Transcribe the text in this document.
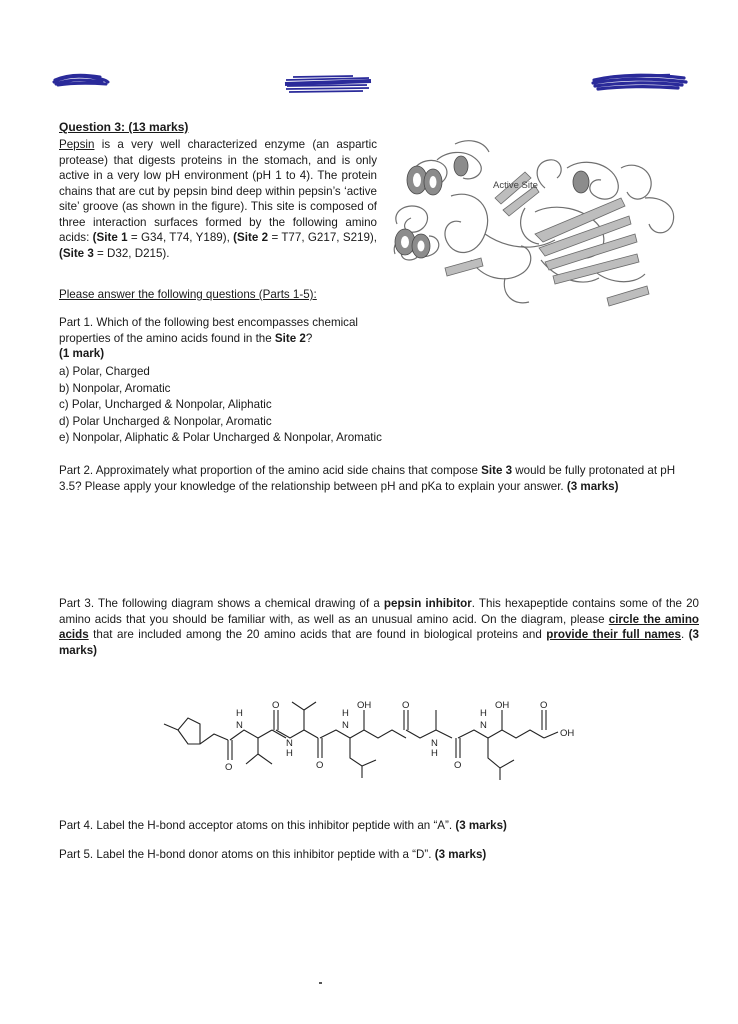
Question 3: (13 marks)
Pepsin is a very well characterized enzyme (an aspartic protease) that digests proteins in the stomach, and is only active in a very low pH environment (pH 1 to 4). The protein chains that are cut by pepsin bind deep within pepsin’s ‘active site’ groove (as shown in the figure). This site is composed of three interaction surfaces formed by the following amino acids: (Site 1 = G34, T74, Y189), (Site 2 = T77, G217, S219), (Site 3 = D32, D215).
Active Site
Please answer the following questions (Parts 1-5):
Part 1. Which of the following best encompasses chemical properties of the amino acids found in the Site 2?
(1 mark)
a) Polar, Charged
b) Nonpolar, Aromatic
c) Polar, Uncharged & Nonpolar, Aliphatic
d) Polar Uncharged & Nonpolar, Aromatic
e) Nonpolar, Aliphatic & Polar Uncharged & Nonpolar, Aromatic
Part 2. Approximately what proportion of the amino acid side chains that compose Site 3 would be fully protonated at pH 3.5? Please apply your knowledge of the relationship between pH and pKa to explain your answer. (3 marks)
Part 3. The following diagram shows a chemical drawing of a pepsin inhibitor. This hexapeptide contains some of the 20 amino acids that you should be familiar with, as well as an unusual amino acid. On the diagram, please circle the amino acids that are included among the 20 amino acids that are found in biological proteins and provide their full names. (3 marks)
H
N
O
O
N
H
O
H
N
OH	O
N
H
O
H
N
OH	O
OH
Part 4. Label the H-bond acceptor atoms on this inhibitor peptide with an “A”. (3 marks)
Part 5. Label the H-bond donor atoms on this inhibitor peptide with a “D”. (3 marks)
